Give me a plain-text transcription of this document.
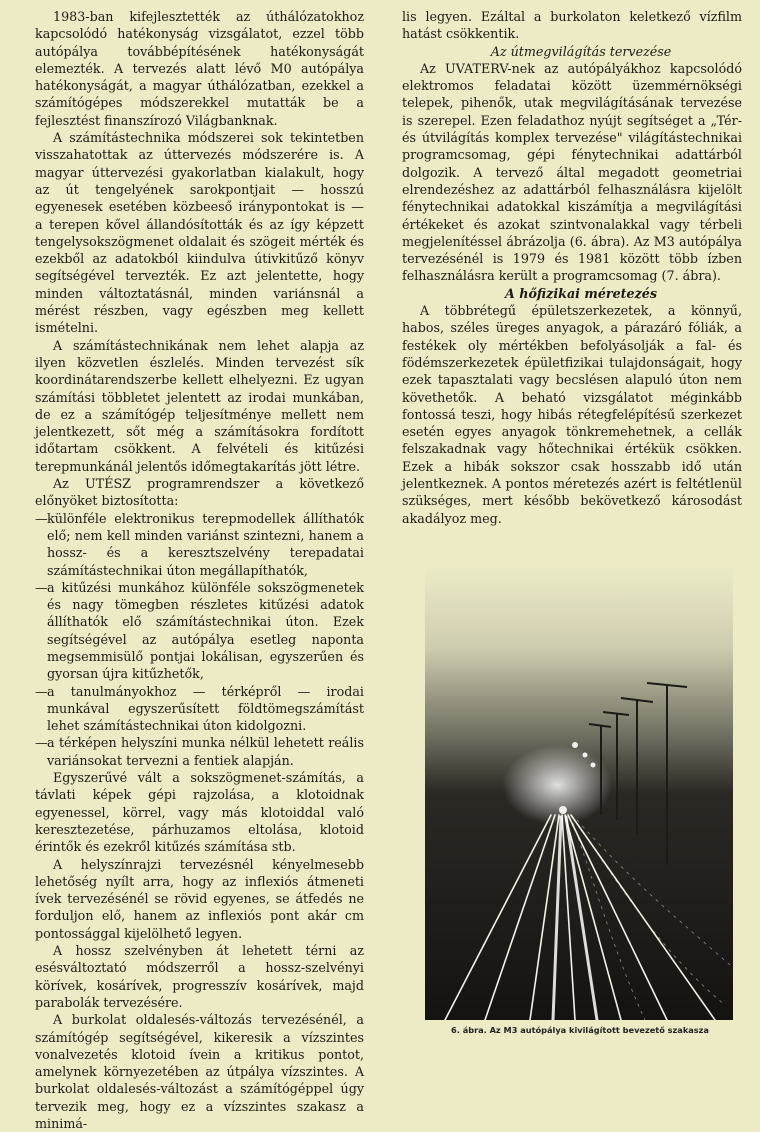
1983-ban kifejlesztették az úthálózatokhoz kapcsolódó hatékonyság vizsgálatot, ezzel több autópálya továbbépítésének hatékonyságát elemezték. A tervezés alatt lévő M0 autópálya hatékonyságát, a magyar úthálózatban, ezekkel a számítógépes módszerekkel mutatták be a fejlesztést finanszírozó Világbanknak.

A számítástechnika módszerei sok tekintetben visszahatottak az úttervezés módszerére is. A magyar úttervezési gyakorlatban kialakult, hogy az út tengelyének sarokpontjait — hosszú egyenesek esetében közbeeső iránypontokat is — a terepen kővel állandósították és az így képzett tengelysokszögmenet oldalait és szögeit mérték és ezekből az adatokból kiindulva útivkitűző könyv segítségével tervezték. Ez azt jelentette, hogy minden változtatásnál, minden variánsnál a mérést részben, vagy egészben meg kellett ismételni.

A számítástechnikának nem lehet alapja az ilyen közvetlen észlelés. Minden tervezést sík koordinátarendszerbe kellett elhelyezni. Ez ugyan számítási többletet jelentett az irodai munkában, de ez a számítógép teljesítménye mellett nem jelentkezett, sőt még a számításokra fordított időtartam csökkent. A felvételi és kitűzési terepmunkánál jelentős időmegtakarítás jött létre.

Az UTÉSZ programrendszer a következő előnyöket biztosította:

— különféle elektronikus terepmodellek állíthatók elő; nem kell minden variánst szintezni, hanem a hossz- és a keresztszelvény terepadatai számítástechnikai úton megállapíthatók,
— a kitűzési munkához különféle sokszögmenetek és nagy tömegben részletes kitűzési adatok állíthatók elő számítástechnikai úton. Ezek segítségével az autópálya esetleg naponta megsemmisülő pontjai lokálisan, egyszerűen és gyorsan újra kitűzhetők,
— a tanulmányokhoz — térképről — irodai munkával egyszerűsített földtömegszámítást lehet számítástechnikai úton kidolgozni.
— a térképen helyszíni munka nélkül lehetett reális variánsokat tervezni a fentiek alapján.

Egyszerűvé vált a sokszögmenet-számítás, a távlati képek gépi rajzolása, a klotoidnak egyenessel, körrel, vagy más klotoiddal való keresztezetése, párhuzamos eltolása, klotoid érintők és ezekről kitűzés számítása stb.

A helyszínrajzi tervezésnél kényelmesebb lehetőség nyílt arra, hogy az inflexiós átmeneti ívek tervezésénél se rövid egyenes, se átfedés ne forduljon elő, hanem az inflexiós pont akár cm pontossággal kijelölhető legyen.

A hossz szelvényben át lehetett térni az esésváltoztató módszerről a hossz-szelvényi körívek, kosárívek, progresszív kosárívek, majd parabolák tervezésére.

A burkolat oldalesés-változás tervezésénél, a számítógép segítségével, kikeresik a vízszintes vonalvezetés klotoid ívein a kritikus pontot, amelynek környezetében az útpálya vízszintes. A burkolat oldalesés-változást a számítógéppel úgy tervezik meg, hogy ez a vízszintes szakasz a minimá-

lis legyen. Ezáltal a burkolaton keletkező vízfilm hatást csökkentik.

Az útmegvilágítás tervezése

Az UVATERV-nek az autópályákhoz kapcsolódó elektromos feladatai között üzemmérnökségi telepek, pihenők, utak megvilágításának tervezése is szerepel. Ezen feladathoz nyújt segítséget a „Tér- és útvilágítás komplex tervezése" világítástechnikai programcsomag, gépi fénytechnikai adattárból dolgozik. A tervező által megadott geometriai elrendezéshez az adattárból felhasználásra kijelölt fénytechnikai adatokkal kiszámítja a megvilágítási értékeket és azokat szintvonalakkal vagy térbeli megjelenítéssel ábrázolja (6. ábra). Az M3 autópálya tervezésénél is 1979 és 1981 között több ízben felhasználásra került a programcsomag (7. ábra).

A hőfizikai méretezés

A többrétegű épületszerkezetek, a könnyű, habos, széles üreges anyagok, a párazáró fóliák, a festékek oly mértékben befolyásolják a fal- és födémszerkezetek épületfizikai tulajdonságait, hogy ezek tapasztalati vagy becslésen alapuló úton nem követhetők. A beható vizsgálatot méginkább fontossá teszi, hogy hibás rétegfelépítésű szerkezet esetén egyes anyagok tönkremehetnek, a cellák felszakadnak vagy hőtechnikai értékük csökken. Ezek a hibák sokszor csak hosszabb idő után jelentkeznek. A pontos méretezés azért is feltétlenül szükséges, mert később bekövetkező károsodást akadályoz meg.

6. ábra. Az M3 autópálya kivilágított bevezető szakasza
